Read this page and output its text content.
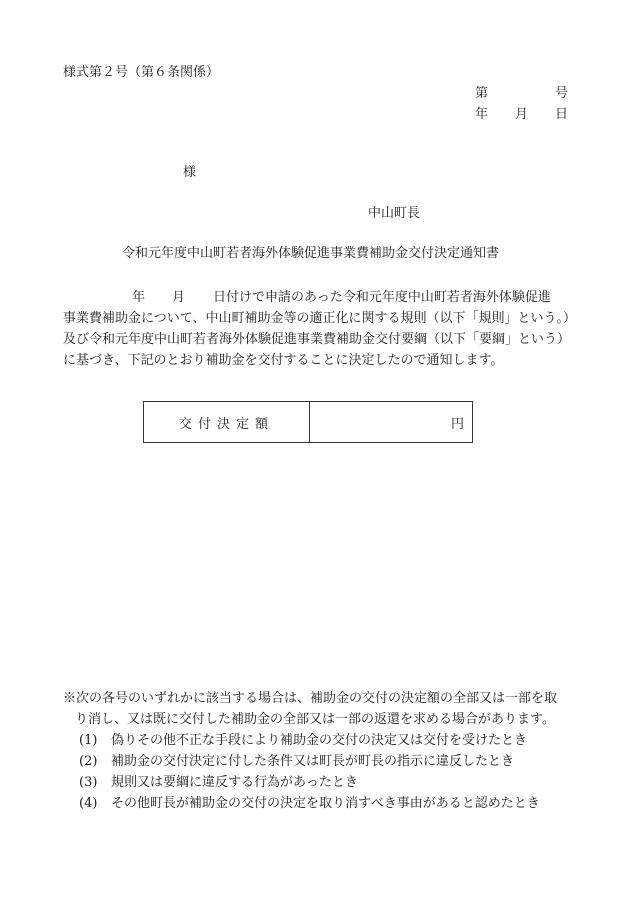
様式第２号（第６条関係）
第	号
年 月 日
様
中山町長
令和元年度中山町若者海外体験促進事業費補助金交付決定通知書
年 月 日付けで申請のあった令和元年度中山町若者海外体験促進
事業費補助金について、中山町補助金等の適正化に関する規則（以下「規則」という。）
及び令和元年度中山町若者海外体験促進事業費補助金交付要綱（以下「要綱」という）
に基づき、下記のとおり補助金を交付することに決定したので通知します。
交付決定額	円
※次の各号のいずれかに該当する場合は、補助金の交付の決定額の全部又は一部を取
り消し、又は既に交付した補助金の全部又は一部の返還を求める場合があります。
(1) 偽りその他不正な手段により補助金の交付の決定又は交付を受けたとき
(2) 補助金の交付決定に付した条件又は町長が町長の指示に違反したとき
(3) 規則又は要綱に違反する行為があったとき
(4) その他町長が補助金の交付の決定を取り消すべき事由があると認めたとき
